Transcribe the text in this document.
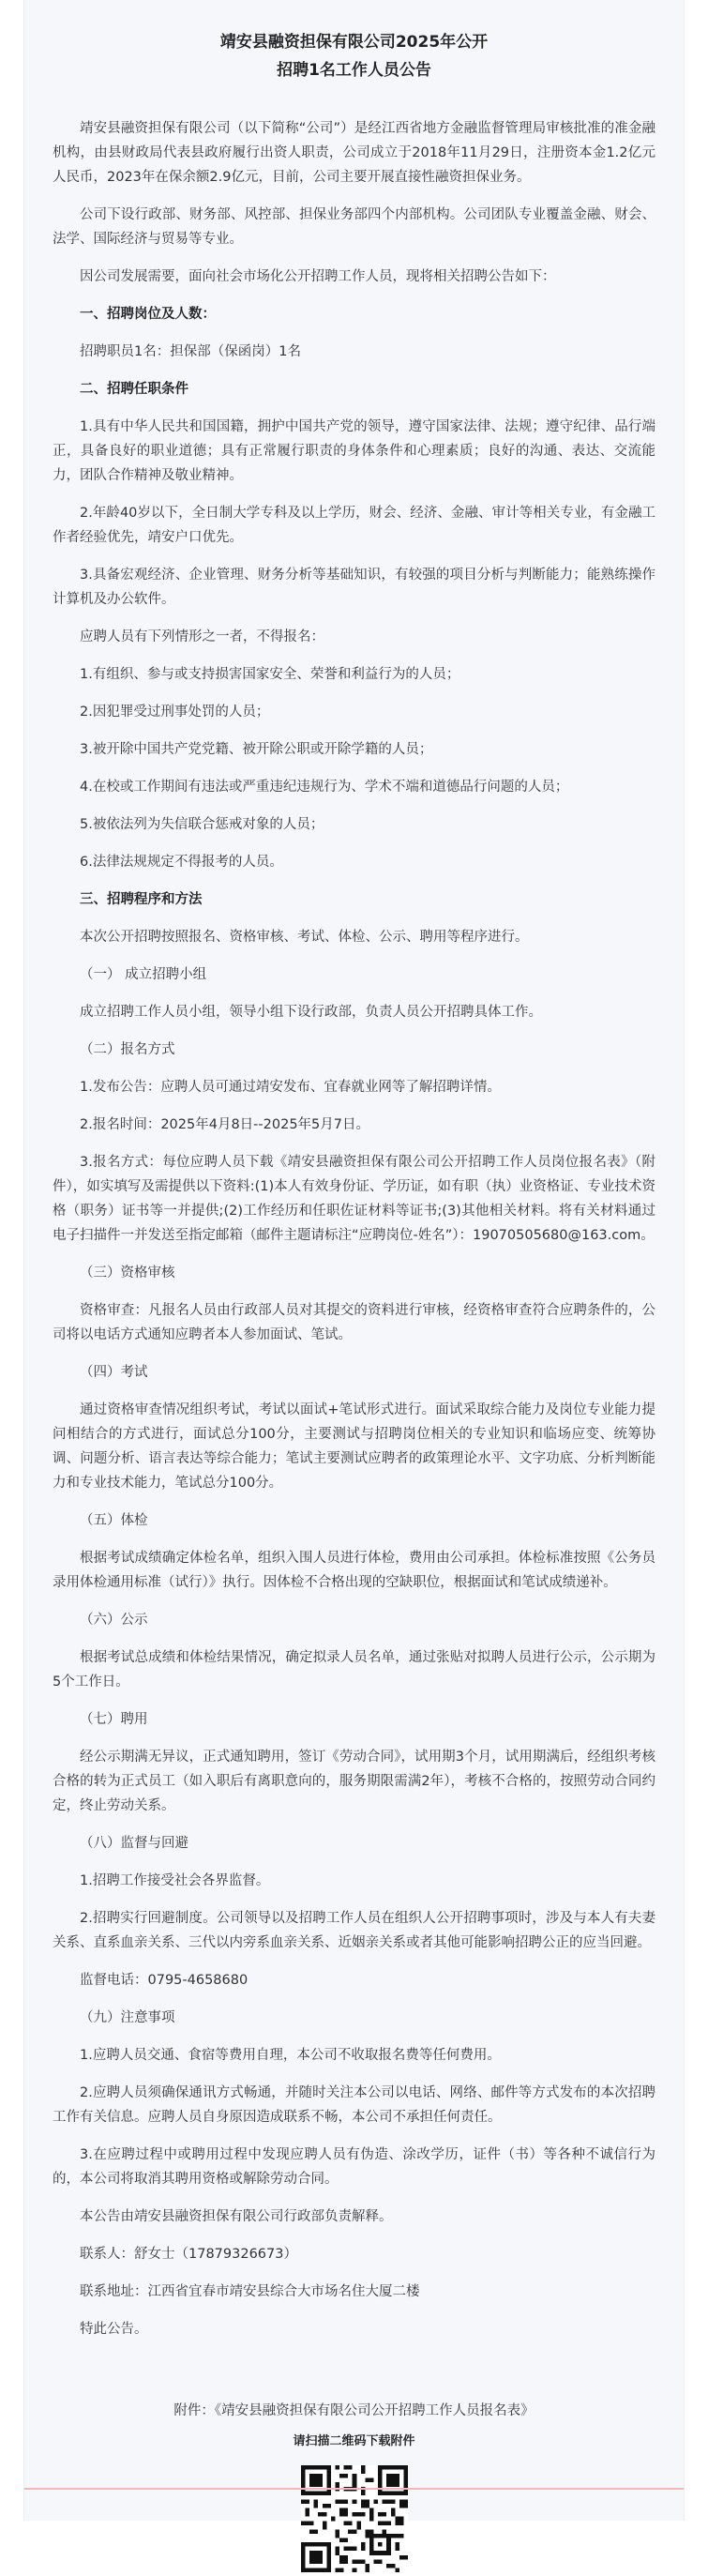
靖安县融资担保有限公司2025年公开

招聘1名工作人员公告

靖安县融资担保有限公司（以下简称“公司”）是经江西省地方金融监督管理局审核批准的准金融机构，由县财政局代表县政府履行出资人职责，公司成立于2018年11月29日，注册资本金1.2亿元人民币，2023年在保余额2.9亿元，目前，公司主要开展直接性融资担保业务。

公司下设行政部、财务部、风控部、担保业务部四个内部机构。公司团队专业覆盖金融、财会、法学、国际经济与贸易等专业。

因公司发展需要，面向社会市场化公开招聘工作人员，现将相关招聘公告如下：

一、招聘岗位及人数：

招聘职员1名：担保部（保函岗）1名

二、招聘任职条件

1.具有中华人民共和国国籍，拥护中国共产党的领导，遵守国家法律、法规；遵守纪律、品行端正，具备良好的职业道德；具有正常履行职责的身体条件和心理素质；良好的沟通、表达、交流能力，团队合作精神及敬业精神。

2.年龄40岁以下，全日制大学专科及以上学历，财会、经济、金融、审计等相关专业，有金融工作者经验优先，靖安户口优先。

3.具备宏观经济、企业管理、财务分析等基础知识，有较强的项目分析与判断能力；能熟练操作计算机及办公软件。

应聘人员有下列情形之一者，不得报名：

1.有组织、参与或支持损害国家安全、荣誉和利益行为的人员；

2.因犯罪受过刑事处罚的人员；

3.被开除中国共产党党籍、被开除公职或开除学籍的人员；

4.在校或工作期间有违法或严重违纪违规行为、学术不端和道德品行问题的人员；

5.被依法列为失信联合惩戒对象的人员；

6.法律法规规定不得报考的人员。

三、招聘程序和方法

本次公开招聘按照报名、资格审核、考试、体检、公示、聘用等程序进行。

（一） 成立招聘小组

成立招聘工作人员小组，领导小组下设行政部，负责人员公开招聘具体工作。

（二）报名方式

1.发布公告：应聘人员可通过靖安发布、宜春就业网等了解招聘详情。

2.报名时间：2025年4月8日--2025年5月7日。

3.报名方式：每位应聘人员下载《靖安县融资担保有限公司公开招聘工作人员岗位报名表》（附件），如实填写及需提供以下资料:(1)本人有效身份证、学历证，如有职（执）业资格证、专业技术资格（职务）证书等一并提供;(2)工作经历和任职佐证材料等证书;(3)其他相关材料。将有关材料通过电子扫描件一并发送至指定邮箱（邮件主题请标注“应聘岗位-姓名”）：19070505680@163.com。

（三）资格审核

资格审查：凡报名人员由行政部人员对其提交的资料进行审核，经资格审查符合应聘条件的，公司将以电话方式通知应聘者本人参加面试、笔试。

（四）考试

通过资格审查情况组织考试，考试以面试+笔试形式进行。面试采取综合能力及岗位专业能力提问相结合的方式进行，面试总分100分，主要测试与招聘岗位相关的专业知识和临场应变、统筹协调、问题分析、语言表达等综合能力；笔试主要测试应聘者的政策理论水平、文字功底、分析判断能力和专业技术能力，笔试总分100分。

（五）体检

根据考试成绩确定体检名单，组织入围人员进行体检，费用由公司承担。体检标准按照《公务员录用体检通用标准（试行）》执行。因体检不合格出现的空缺职位，根据面试和笔试成绩递补。

（六）公示

根据考试总成绩和体检结果情况，确定拟录人员名单，通过张贴对拟聘人员进行公示，公示期为5个工作日。

（七）聘用

经公示期满无异议，正式通知聘用，签订《劳动合同》，试用期3个月，试用期满后，经组织考核合格的转为正式员工（如入职后有离职意向的，服务期限需满2年），考核不合格的，按照劳动合同约定，终止劳动关系。

（八）监督与回避

1.招聘工作接受社会各界监督。

2.招聘实行回避制度。公司领导以及招聘工作人员在组织人公开招聘事项时，涉及与本人有夫妻关系、直系血亲关系、三代以内旁系血亲关系、近姻亲关系或者其他可能影响招聘公正的应当回避。

监督电话：0795-4658680

（九）注意事项

1.应聘人员交通、食宿等费用自理，本公司不收取报名费等任何费用。

2.应聘人员须确保通讯方式畅通，并随时关注本公司以电话、网络、邮件等方式发布的本次招聘工作有关信息。应聘人员自身原因造成联系不畅，本公司不承担任何责任。

3.在应聘过程中或聘用过程中发现应聘人员有伪造、涂改学历，证件（书）等各种不诚信行为的，本公司将取消其聘用资格或解除劳动合同。

本公告由靖安县融资担保有限公司行政部负责解释。

联系人：舒女士（17879326673）

联系地址：江西省宜春市靖安县综合大市场名住大厦二楼

特此公告。

附件：《靖安县融资担保有限公司公开招聘工作人员报名表》
请扫描二维码下载附件
